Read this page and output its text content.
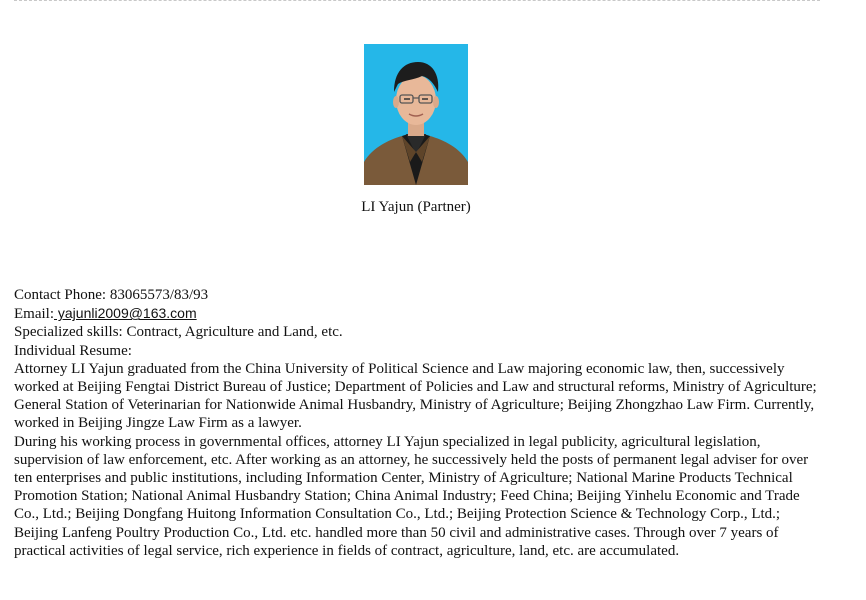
LI Yajun (Partner)

Contact Phone: 83065573/83/93

Email: yajunli2009@163.com

Specialized skills: Contract, Agriculture and Land, etc.

Individual Resume:

Attorney LI Yajun graduated from the China University of Political Science and Law majoring economic law, then, successively worked at Beijing Fengtai District Bureau of Justice; Department of Policies and Law and structural reforms, Ministry of Agriculture; General Station of Veterinarian for Nationwide Animal Husbandry, Ministry of Agriculture; Beijing Zhongzhao Law Firm. Currently, worked in Beijing Jingze Law Firm as a lawyer.

During his working process in governmental offices, attorney LI Yajun specialized in legal publicity, agricultural legislation, supervision of law enforcement, etc. After working as an attorney, he successively held the posts of permanent legal adviser for over ten enterprises and public institutions, including Information Center, Ministry of Agriculture; National Marine Products Technical Promotion Station; National Animal Husbandry Station; China Animal Industry; Feed China; Beijing Yinhelu Economic and Trade Co., Ltd.; Beijing Dongfang Huitong Information Consultation Co., Ltd.; Beijing Protection Science & Technology Corp., Ltd.; Beijing Lanfeng Poultry Production Co., Ltd. etc. handled more than 50 civil and administrative cases. Through over 7 years of practical activities of legal service, rich experience in fields of contract, agriculture, land, etc. are accumulated.
